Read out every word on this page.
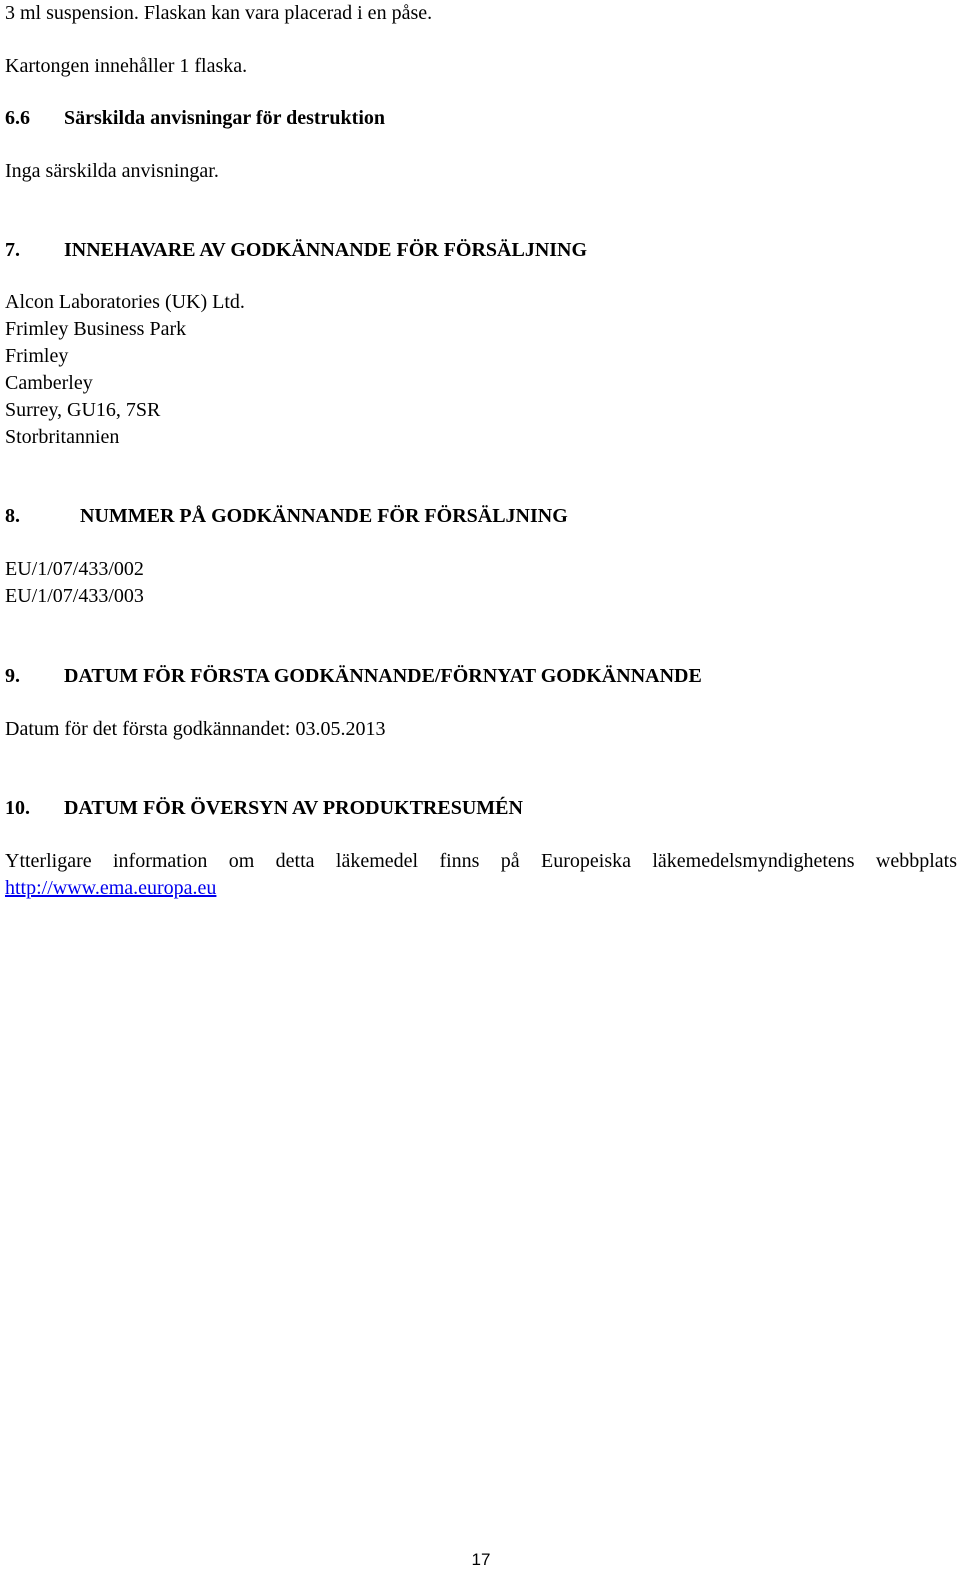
3 ml suspension. Flaskan kan vara placerad i en påse.
Kartongen innehåller 1 flaska.
6.6 Särskilda anvisningar för destruktion
Inga särskilda anvisningar.
7. INNEHAVARE AV GODKÄNNANDE FÖR FÖRSÄLJNING
Alcon Laboratories (UK) Ltd.
Frimley Business Park
Frimley
Camberley
Surrey, GU16, 7SR
Storbritannien
8.	NUMMER PÅ GODKÄNNANDE FÖR FÖRSÄLJNING
EU/1/07/433/002
EU/1/07/433/003
9. DATUM FÖR FÖRSTA GODKÄNNANDE/FÖRNYAT GODKÄNNANDE
Datum för det första godkännandet: 03.05.2013
10. DATUM FÖR ÖVERSYN AV PRODUKTRESUMÉN
Ytterligare information om detta läkemedel finns på Europeiska läkemedelsmyndighetens webbplats
http://www.ema.europa.eu
17
